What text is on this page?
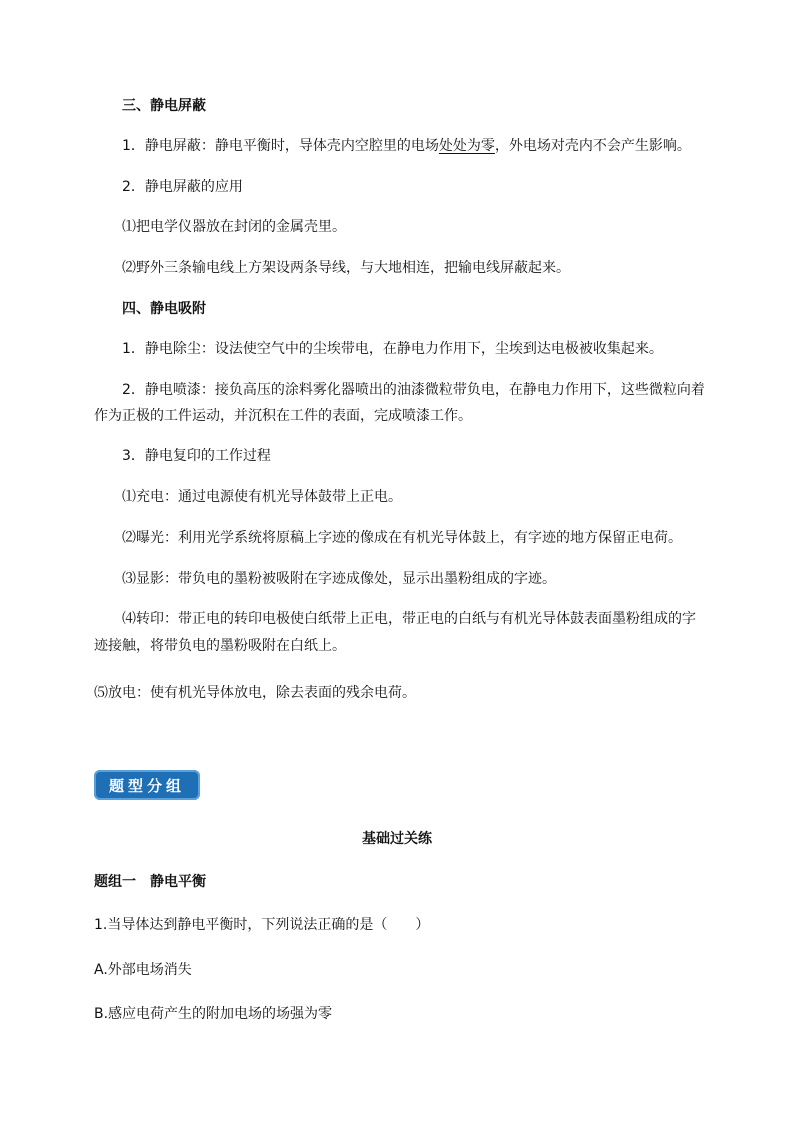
三、静电屏蔽
1．静电屏蔽：静电平衡时，导体壳内空腔里的电场处处为零，外电场对壳内不会产生影响。
2．静电屏蔽的应用
⑴把电学仪器放在封闭的金属壳里。
⑵野外三条输电线上方架设两条导线，与大地相连，把输电线屏蔽起来。
四、静电吸附
1．静电除尘：设法使空气中的尘埃带电，在静电力作用下，尘埃到达电极被收集起来。
2．静电喷漆：接负高压的涂料雾化器喷出的油漆微粒带负电，在静电力作用下，这些微粒向着
作为正极的工件运动，并沉积在工件的表面，完成喷漆工作。
3．静电复印的工作过程
⑴充电：通过电源使有机光导体鼓带上正电。
⑵曝光：利用光学系统将原稿上字迹的像成在有机光导体鼓上，有字迹的地方保留正电荷。
⑶显影：带负电的墨粉被吸附在字迹成像处，显示出墨粉组成的字迹。
⑷转印：带正电的转印电极使白纸带上正电，带正电的白纸与有机光导体鼓表面墨粉组成的字
迹接触，将带负电的墨粉吸附在白纸上。
⑸放电：使有机光导体放电，除去表面的残余电荷。
题型分组
基础过关练
题组一　静电平衡
1.当导体达到静电平衡时，下列说法正确的是（　　）
A.外部电场消失
B.感应电荷产生的附加电场的场强为零
